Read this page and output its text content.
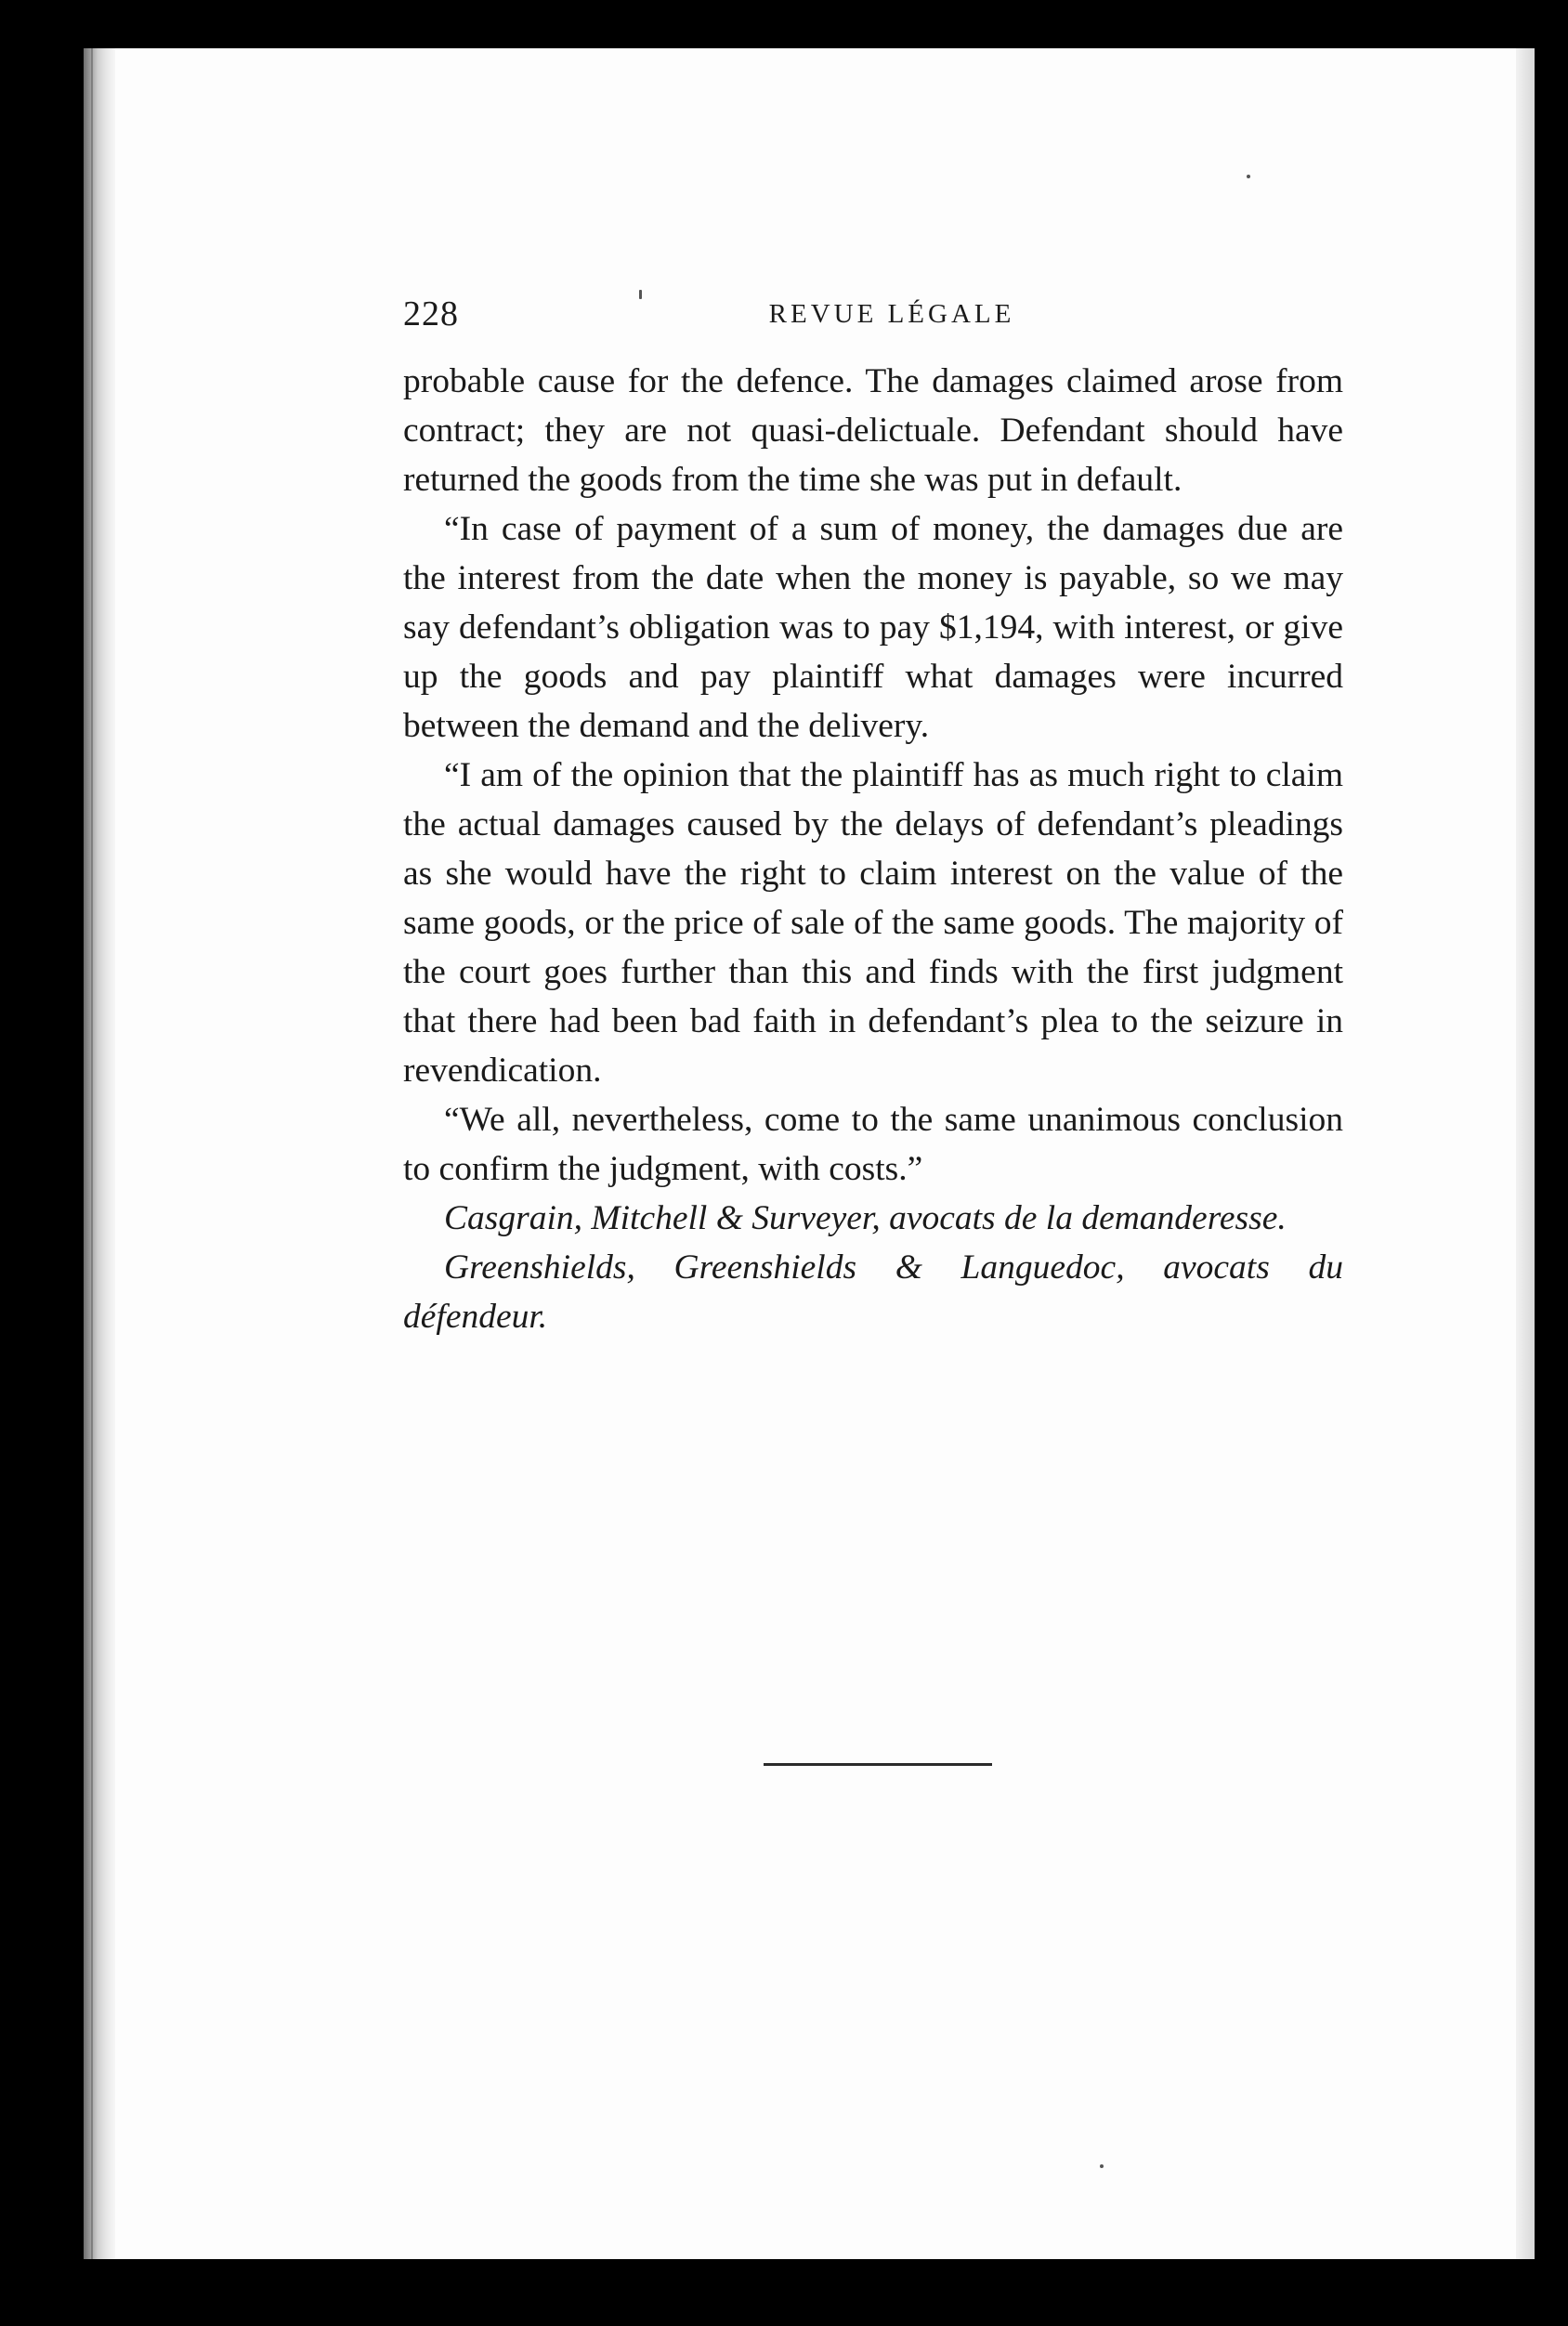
228	REVUE LÉGALE

probable cause for the defence. The damages claimed arose from contract; they are not quasi-delictuale. Defendant should have returned the goods from the time she was put in default.

“In case of payment of a sum of money, the damages due are the interest from the date when the money is payable, so we may say defendant’s obligation was to pay $1,194, with interest, or give up the goods and pay plaintiff what damages were incurred between the demand and the delivery.

“I am of the opinion that the plaintiff has as much right to claim the actual damages caused by the delays of defendant’s pleadings as she would have the right to claim interest on the value of the same goods, or the price of sale of the same goods. The majority of the court goes further than this and finds with the first judgment that there had been bad faith in defendant’s plea to the seizure in revendication.

“We all, nevertheless, come to the same unanimous conclusion to confirm the judgment, with costs.”

Casgrain, Mitchell & Surveyer, avocats de la demanderesse.

Greenshields, Greenshields & Languedoc, avocats du défendeur.
